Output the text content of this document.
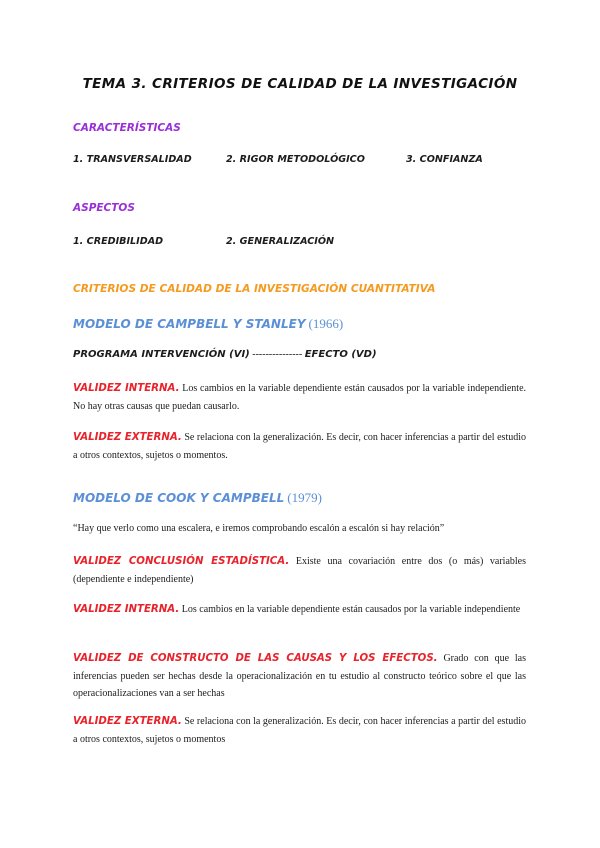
TEMA 3. CRITERIOS DE CALIDAD DE LA INVESTIGACIÓN
CARACTERÍSTICAS
1. TRANSVERSALIDAD	2. RIGOR METODOLÓGICO	3. CONFIANZA
ASPECTOS
1. CREDIBILIDAD	2. GENERALIZACIÓN
CRITERIOS DE CALIDAD DE LA INVESTIGACIÓN CUANTITATIVA
MODELO DE CAMPBELL Y STANLEY (1966)
PROGRAMA INTERVENCIÓN (VI) --------------- EFECTO (VD)

VALIDEZ INTERNA. Los cambios en la variable dependiente están causados por la variable independiente. No hay otras causas que puedan causarlo.

VALIDEZ EXTERNA. Se relaciona con la generalización. Es decir, con hacer inferencias a partir del estudio a otros contextos, sujetos o momentos.

MODELO DE COOK Y CAMPBELL (1979)
“Hay que verlo como una escalera, e iremos comprobando escalón a escalón si hay relación”

VALIDEZ CONCLUSIÓN ESTADÍSTICA. Existe una covariación entre dos (o más) variables (dependiente e independiente)

VALIDEZ INTERNA. Los cambios en la variable dependiente están causados por la variable independiente

VALIDEZ DE CONSTRUCTO DE LAS CAUSAS Y LOS EFECTOS. Grado con que las inferencias pueden ser hechas desde la operacionalización en tu estudio al constructo teórico sobre el que las operacionalizaciones van a ser hechas

VALIDEZ EXTERNA. Se relaciona con la generalización. Es decir, con hacer inferencias a partir del estudio a otros contextos, sujetos o momentos
